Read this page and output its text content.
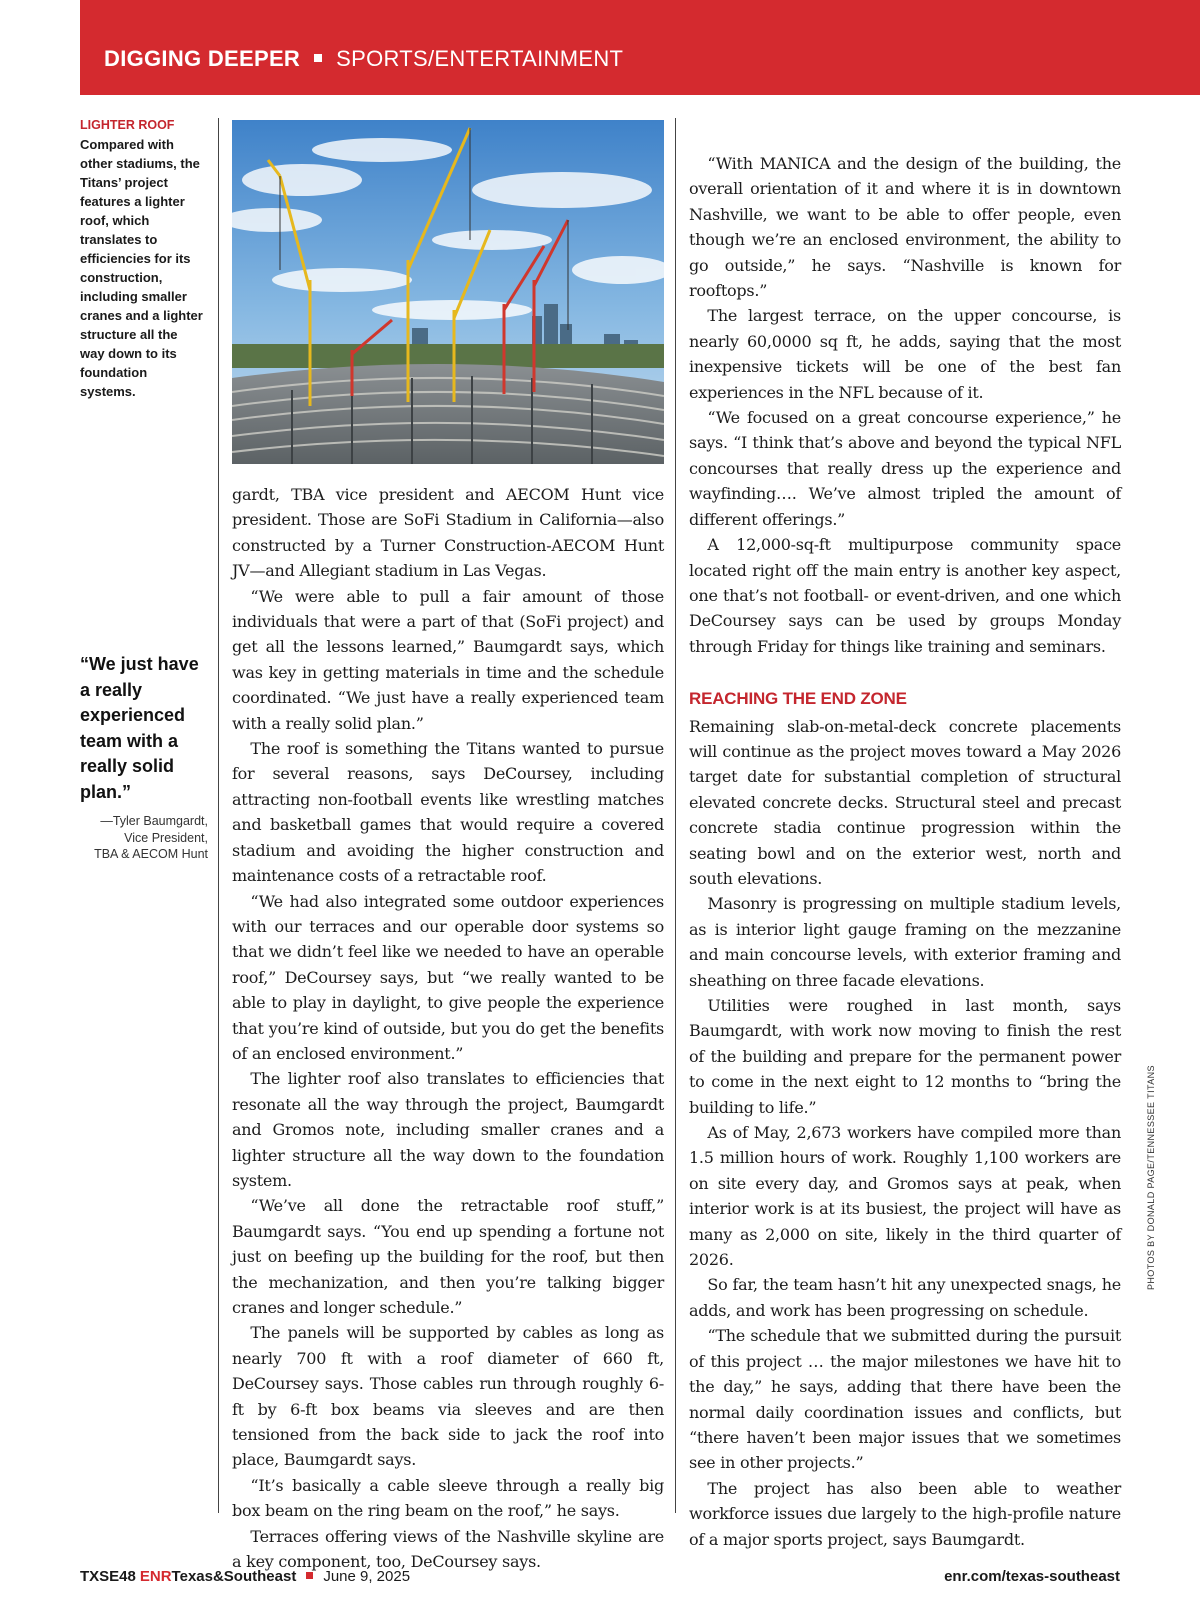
DIGGING DEEPER SPORTS/ENTERTAINMENT
LIGHTER ROOF

Compared with other stadiums, the Titans’ project features a lighter roof, which translates to efficiencies for its construction, including smaller cranes and a lighter structure all the way down to its foundation systems.

“We just have a really experienced team with a really solid plan.”

—Tyler Baumgardt,
Vice President,
TBA & AECOM Hunt

gardt, TBA vice president and AECOM Hunt vice president. Those are SoFi Stadium in California—also constructed by a Turner Construction-AECOM Hunt JV—and Allegiant stadium in Las Vegas.

“We were able to pull a fair amount of those individuals that were a part of that (SoFi project) and get all the lessons learned,” Baumgardt says, which was key in getting materials in time and the schedule coordinated. “We just have a really experienced team with a really solid plan.”

The roof is something the Titans wanted to pursue for several reasons, says DeCoursey, including attracting non-football events like wrestling matches and basketball games that would require a covered stadium and avoiding the higher construction and maintenance costs of a retractable roof.

“We had also integrated some outdoor experiences with our terraces and our operable door systems so that we didn’t feel like we needed to have an operable roof,” DeCoursey says, but “we really wanted to be able to play in daylight, to give people the experience that you’re kind of outside, but you do get the benefits of an enclosed environment.”

The lighter roof also translates to efficiencies that resonate all the way through the project, Baumgardt and Gromos note, including smaller cranes and a lighter structure all the way down to the foundation system.

“We’ve all done the retractable roof stuff,” Baumgardt says. “You end up spending a fortune not just on beefing up the building for the roof, but then the mechanization, and then you’re talking bigger cranes and longer schedule.”

The panels will be supported by cables as long as nearly 700 ft with a roof diameter of 660 ft, DeCoursey says. Those cables run through roughly 6-ft by 6-ft box beams via sleeves and are then tensioned from the back side to jack the roof into place, Baumgardt says.

“It’s basically a cable sleeve through a really big box beam on the ring beam on the roof,” he says.

Terraces offering views of the Nashville skyline are a key component, too, DeCoursey says.

“With MANICA and the design of the building, the overall orientation of it and where it is in downtown Nashville, we want to be able to offer people, even though we’re an enclosed environment, the ability to go outside,” he says. “Nashville is known for rooftops.”

The largest terrace, on the upper concourse, is nearly 60,0000 sq ft, he adds, saying that the most inexpensive tickets will be one of the best fan experiences in the NFL because of it.

“We focused on a great concourse experience,” he says. “I think that’s above and beyond the typical NFL concourses that really dress up the experience and wayfinding…. We’ve almost tripled the amount of different offerings.”

A 12,000-sq-ft multipurpose community space located right off the main entry is another key aspect, one that’s not football- or event-driven, and one which DeCoursey says can be used by groups Monday through Friday for things like training and seminars.

REACHING THE END ZONE

Remaining slab-on-metal-deck concrete placements will continue as the project moves toward a May 2026 target date for substantial completion of structural elevated concrete decks. Structural steel and precast concrete stadia continue progression within the seating bowl and on the exterior west, north and south elevations.

Masonry is progressing on multiple stadium levels, as is interior light gauge framing on the mezzanine and main concourse levels, with exterior framing and sheathing on three facade elevations.

Utilities were roughed in last month, says Baumgardt, with work now moving to finish the rest of the building and prepare for the permanent power to come in the next eight to 12 months to “bring the building to life.”

As of May, 2,673 workers have compiled more than 1.5 million hours of work. Roughly 1,100 workers are on site every day, and Gromos says at peak, when interior work is at its busiest, the project will have as many as 2,000 on site, likely in the third quarter of 2026.

So far, the team hasn’t hit any unexpected snags, he adds, and work has been progressing on schedule.

“The schedule that we submitted during the pursuit of this project … the major milestones we have hit to the day,” he says, adding that there have been the normal daily coordination issues and conflicts, but “there haven’t been major issues that we sometimes see in other projects.”

The project has also been able to weather workforce issues due largely to the high-profile nature of a major sports project, says Baumgardt.

PHOTOS BY DONALD PAGE/TENNESSEE TITANS
TXSE48 ENRTexas&Southeast June 9, 2025	enr.com/texas-southeast
